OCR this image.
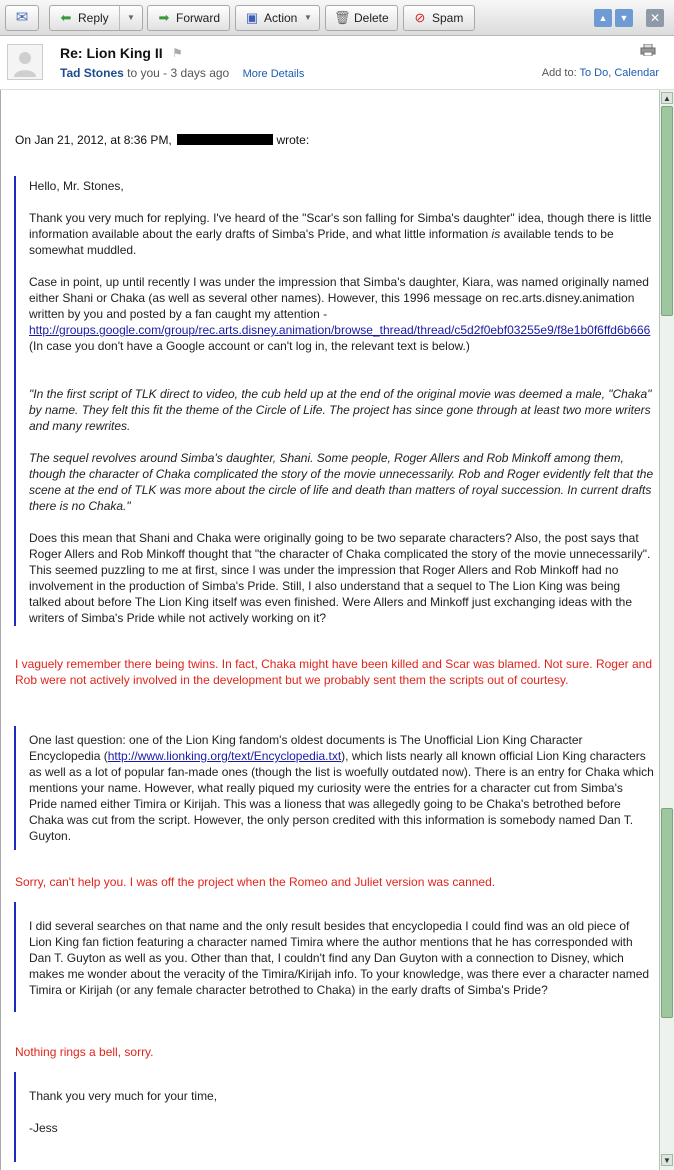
✉	⬅ Reply	▼	➡ Forward	▣ Action ▼	🗑 Delete	⊘ Spam	▲	▼	✕
Re: Lion King II ⚑
Tad Stones to you - 3 days ago More Details	Add to: To Do, Calendar

On Jan 21, 2012, at 8:36 PM,	wrote:

Hello, Mr. Stones,

Thank you very much for replying. I've heard of the "Scar's son falling for Simba's daughter" idea, though there is little information available about the early drafts of Simba's Pride, and what little information is available tends to be somewhat muddled.

Case in point, up until recently I was under the impression that Simba's daughter, Kiara, was named originally named either Shani or Chaka (as well as several other names). However, this 1996 message on rec.arts.disney.animation written by you and posted by a fan caught my attention -
http://groups.google.com/group/rec.arts.disney.animation/browse_thread/thread/c5d2f0ebf03255e9/f8e1b0f6ffd6b666
(In case you don't have a Google account or can't log in, the relevant text is below.)

"In the first script of TLK direct to video, the cub held up at the end of the original movie was deemed a male, "Chaka" by name. They felt this fit the theme of the Circle of Life. The project has since gone through at least two more writers and many rewrites.

The sequel revolves around Simba's daughter, Shani. Some people, Roger Allers and Rob Minkoff among them, though the character of Chaka complicated the story of the movie unnecessarily. Rob and Roger evidently felt that the scene at the end of TLK was more about the circle of life and death than matters of royal succession. In current drafts there is no Chaka."

Does this mean that Shani and Chaka were originally going to be two separate characters? Also, the post says that Roger Allers and Rob Minkoff thought that "the character of Chaka complicated the story of the movie unnecessarily". This seemed puzzling to me at first, since I was under the impression that Roger Allers and Rob Minkoff had no involvement in the production of Simba's Pride. Still, I also understand that a sequel to The Lion King was being talked about before The Lion King itself was even finished. Were Allers and Minkoff just exchanging ideas with the writers of Simba's Pride while not actively working on it?

I vaguely remember there being twins. In fact, Chaka might have been killed and Scar was blamed. Not sure. Roger and Rob were not actively involved in the development but we probably sent them the scripts out of courtesy.

One last question: one of the Lion King fandom's oldest documents is The Unofficial Lion King Character Encyclopedia (http://www.lionking.org/text/Encyclopedia.txt), which lists nearly all known official Lion King characters as well as a lot of popular fan-made ones (though the list is woefully outdated now). There is an entry for Chaka which mentions your name. However, what really piqued my curiosity were the entries for a character cut from Simba's Pride named either Timira or Kirijah. This was a lioness that was allegedly going to be Chaka's betrothed before Chaka was cut from the script. However, the only person credited with this information is somebody named Dan T. Guyton.

Sorry, can't help you. I was off the project when the Romeo and Juliet version was canned.

I did several searches on that name and the only result besides that encyclopedia I could find was an old piece of Lion King fan fiction featuring a character named Timira where the author mentions that he has corresponded with Dan T. Guyton as well as you. Other than that, I couldn't find any Dan Guyton with a connection to Disney, which makes me wonder about the veracity of the Timira/Kirijah info. To your knowledge, was there ever a character named Timira or Kirijah (or any female character betrothed to Chaka) in the early drafts of Simba's Pride?

Nothing rings a bell, sorry.

Thank you very much for your time,

-Jess

▲
▼
